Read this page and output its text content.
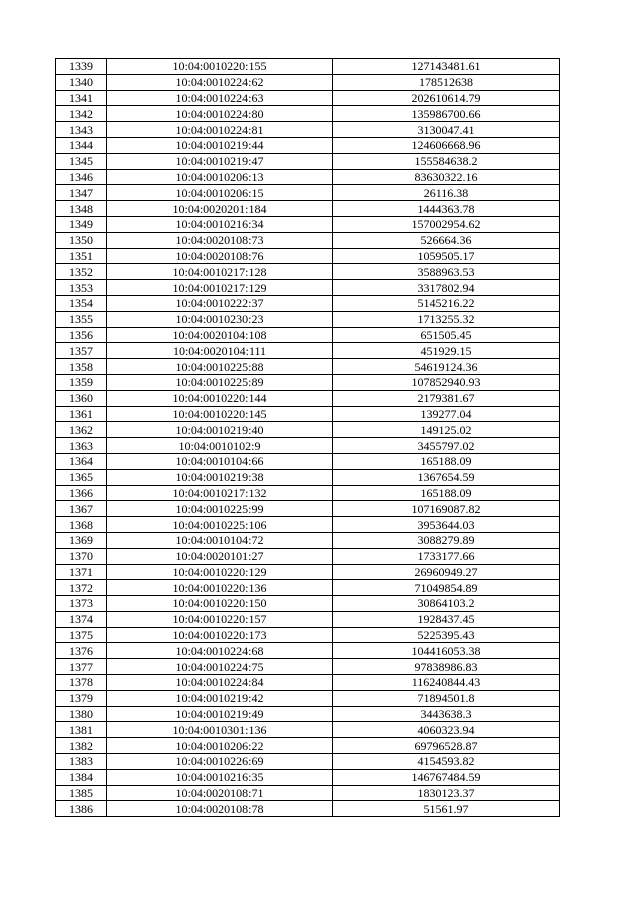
1339	10:04:0010220:155	127143481.61
1340	10:04:0010224:62	178512638
1341	10:04:0010224:63	202610614.79
1342	10:04:0010224:80	135986700.66
1343	10:04:0010224:81	3130047.41
1344	10:04:0010219:44	124606668.96
1345	10:04:0010219:47	155584638.2
1346	10:04:0010206:13	83630322.16
1347	10:04:0010206:15	26116.38
1348	10:04:0020201:184	1444363.78
1349	10:04:0010216:34	157002954.62
1350	10:04:0020108:73	526664.36
1351	10:04:0020108:76	1059505.17
1352	10:04:0010217:128	3588963.53
1353	10:04:0010217:129	3317802.94
1354	10:04:0010222:37	5145216.22
1355	10:04:0010230:23	1713255.32
1356	10:04:0020104:108	651505.45
1357	10:04:0020104:111	451929.15
1358	10:04:0010225:88	54619124.36
1359	10:04:0010225:89	107852940.93
1360	10:04:0010220:144	2179381.67
1361	10:04:0010220:145	139277.04
1362	10:04:0010219:40	149125.02
1363	10:04:0010102:9	3455797.02
1364	10:04:0010104:66	165188.09
1365	10:04:0010219:38	1367654.59
1366	10:04:0010217:132	165188.09
1367	10:04:0010225:99	107169087.82
1368	10:04:0010225:106	3953644.03
1369	10:04:0010104:72	3088279.89
1370	10:04:0020101:27	1733177.66
1371	10:04:0010220:129	26960949.27
1372	10:04:0010220:136	71049854.89
1373	10:04:0010220:150	30864103.2
1374	10:04:0010220:157	1928437.45
1375	10:04:0010220:173	5225395.43
1376	10:04:0010224:68	104416053.38
1377	10:04:0010224:75	97838986.83
1378	10:04:0010224:84	116240844.43
1379	10:04:0010219:42	71894501.8
1380	10:04:0010219:49	3443638.3
1381	10:04:0010301:136	4060323.94
1382	10:04:0010206:22	69796528.87
1383	10:04:0010226:69	4154593.82
1384	10:04:0010216:35	146767484.59
1385	10:04:0020108:71	1830123.37
1386	10:04:0020108:78	51561.97
